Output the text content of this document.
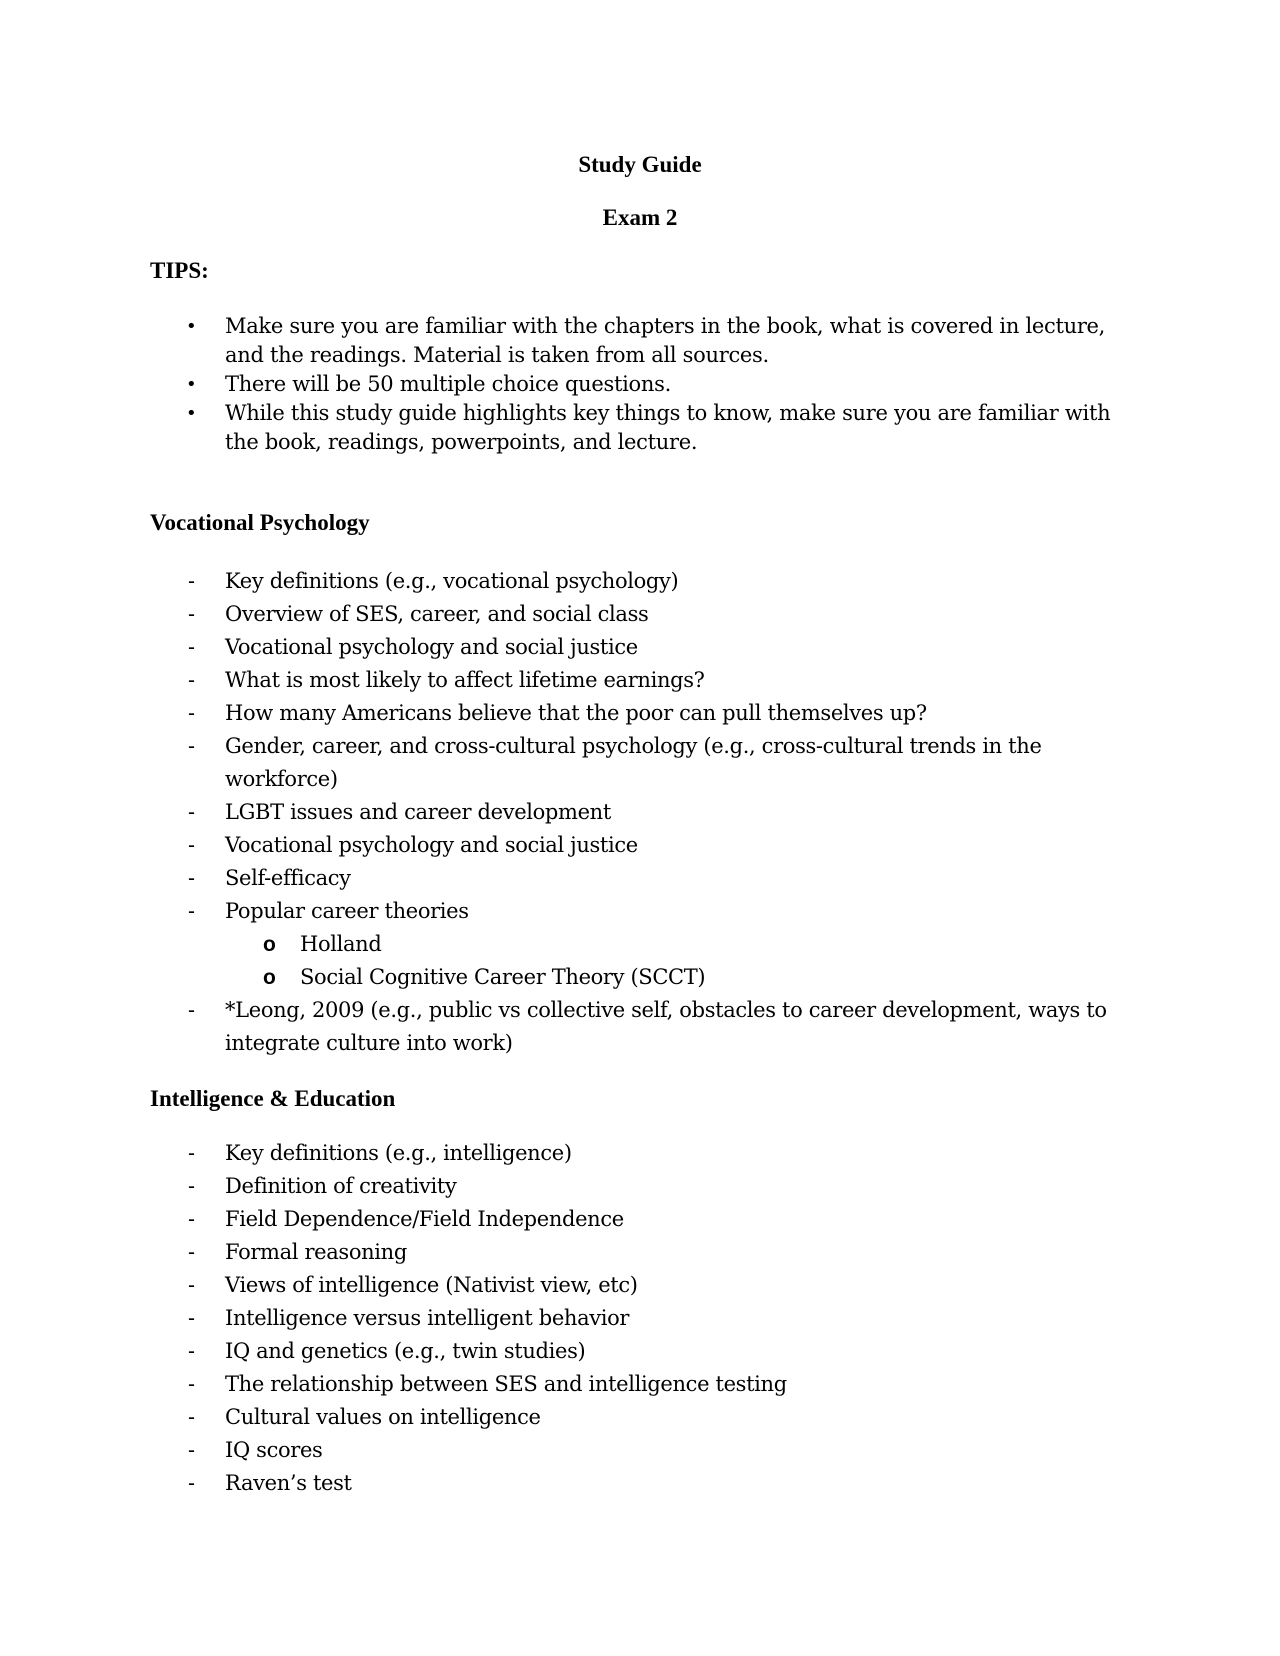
Study Guide
Exam 2
TIPS:
• Make sure you are familiar with the chapters in the book, what is covered in lecture, and the readings. Material is taken from all sources.
• There will be 50 multiple choice questions.
• While this study guide highlights key things to know, make sure you are familiar with the book, readings, powerpoints, and lecture.
Vocational Psychology
- Key definitions (e.g., vocational psychology)
- Overview of SES, career, and social class
- Vocational psychology and social justice
- What is most likely to affect lifetime earnings?
- How many Americans believe that the poor can pull themselves up?
- Gender, career, and cross-cultural psychology (e.g., cross-cultural trends in the workforce)
- LGBT issues and career development
- Vocational psychology and social justice
- Self-efficacy
- Popular career theories
o Holland
o Social Cognitive Career Theory (SCCT)
- *Leong, 2009 (e.g., public vs collective self, obstacles to career development, ways to integrate culture into work)
Intelligence & Education
- Key definitions (e.g., intelligence)
- Definition of creativity
- Field Dependence/Field Independence
- Formal reasoning
- Views of intelligence (Nativist view, etc)
- Intelligence versus intelligent behavior
- IQ and genetics (e.g., twin studies)
- The relationship between SES and intelligence testing
- Cultural values on intelligence
- IQ scores
- Raven’s test
